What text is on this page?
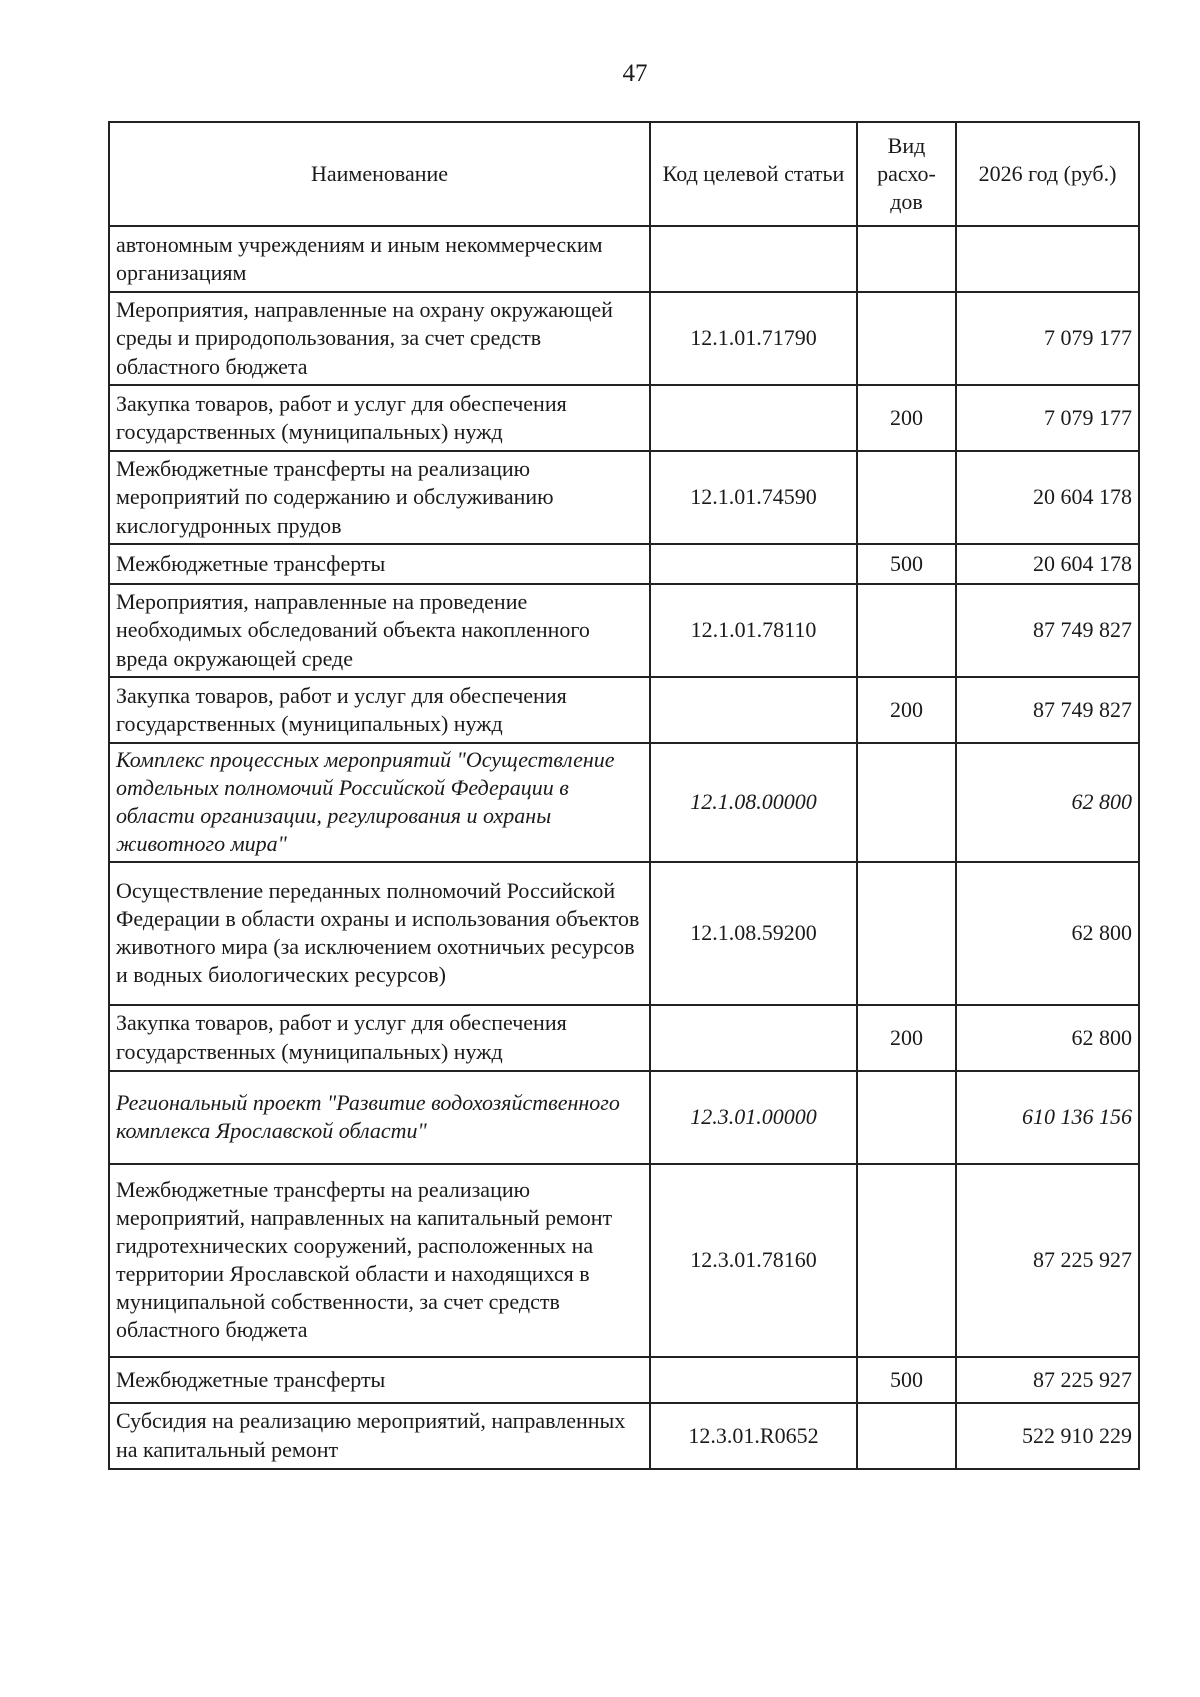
47
Наименование	Код целевой статьи	Вид расхо- дов	2026 год (руб.)
автономным учреждениям и иным некоммерческим организациям			
Мероприятия, направленные на охрану окружающей среды и природопользования, за счет средств областного бюджета	12.1.01.71790		7 079 177
Закупка товаров, работ и услуг для обеспечения государственных (муниципальных) нужд		200	7 079 177
Межбюджетные трансферты на реализацию мероприятий по содержанию и обслуживанию кислогудронных прудов	12.1.01.74590		20 604 178
Межбюджетные трансферты		500	20 604 178
Мероприятия, направленные на проведение необходимых обследований объекта накопленного вреда окружающей среде	12.1.01.78110		87 749 827
Закупка товаров, работ и услуг для обеспечения государственных (муниципальных) нужд		200	87 749 827
Комплекс процессных мероприятий "Осуществление отдельных полномочий Российской Федерации в области организации, регулирования и охраны животного мира"	12.1.08.00000		62 800
Осуществление переданных полномочий Российской Федерации в области охраны и использования объектов животного мира (за исключением охотничьих ресурсов и водных биологических ресурсов)	12.1.08.59200		62 800
Закупка товаров, работ и услуг для обеспечения государственных (муниципальных) нужд		200	62 800
Региональный проект "Развитие водохозяйственного комплекса Ярославской области"	12.3.01.00000		610 136 156
Межбюджетные трансферты на реализацию мероприятий, направленных на капитальный ремонт гидротехнических сооружений, расположенных на территории Ярославской области и находящихся в муниципальной собственности, за счет средств областного бюджета	12.3.01.78160		87 225 927
Межбюджетные трансферты		500	87 225 927
Субсидия на реализацию мероприятий, направленных на капитальный ремонт	12.3.01.R0652		522 910 229
